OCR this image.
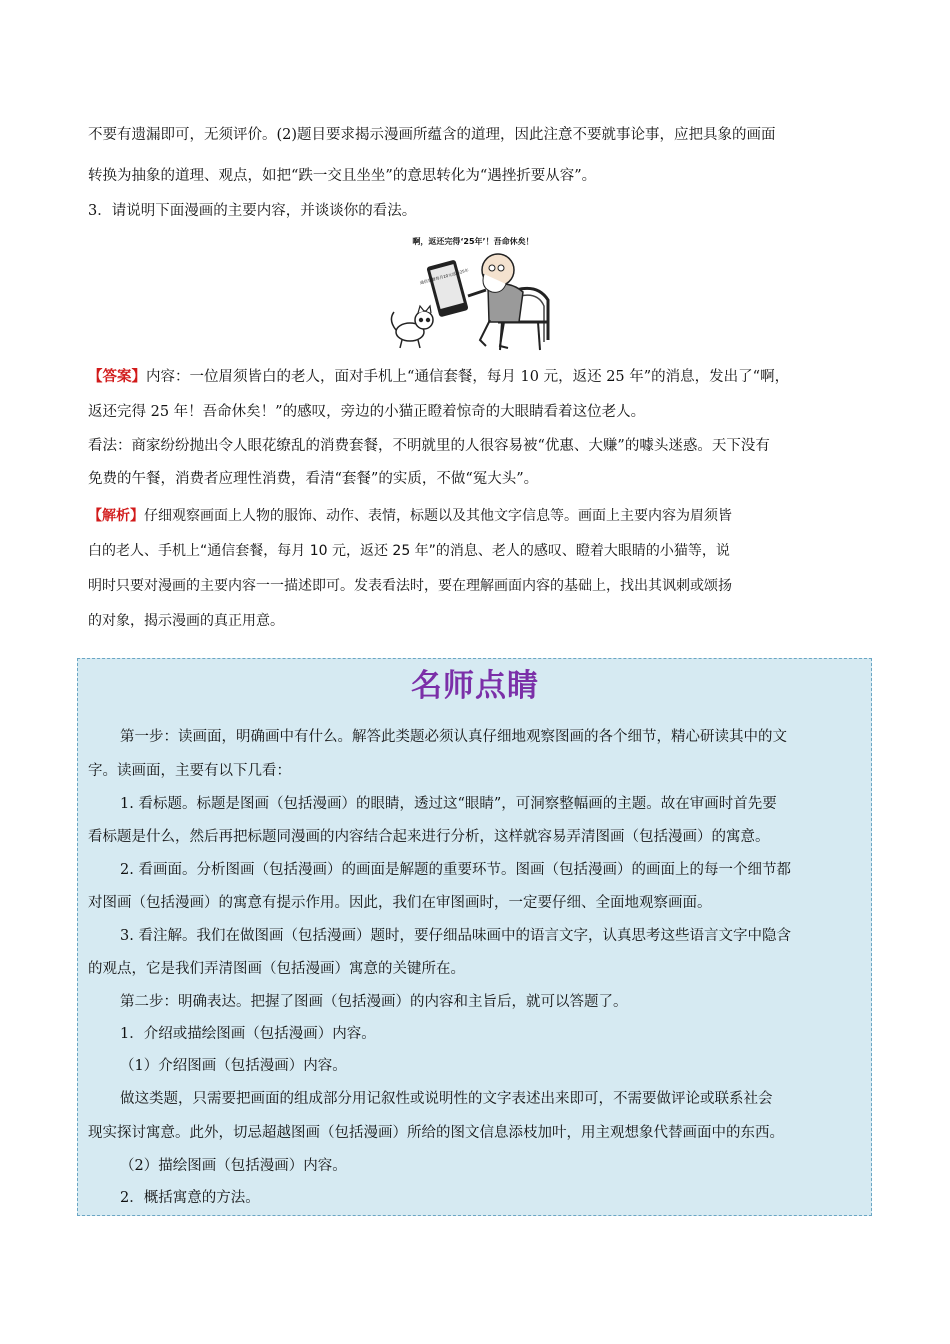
不要有遗漏即可，无须评价。(2)题目要求揭示漫画所蕴含的道理，因此注意不要就事论事，应把具象的画面
转换为抽象的道理、观点，如把“跌一交且坐坐”的意思转化为“遇挫折要从容”。
3．请说明下面漫画的主要内容，并谈谈你的看法。
啊，返还完得‘25年’！吾命休矣！
通信套餐每月10元返还25年
【答案】内容：一位眉须皆白的老人，面对手机上“通信套餐，每月 10 元，返还 25 年”的消息，发出了“啊，
返还完得 25 年！吾命休矣！”的感叹，旁边的小猫正瞪着惊奇的大眼睛看着这位老人。
看法：商家纷纷抛出令人眼花缭乱的消费套餐，不明就里的人很容易被“优惠、大赚”的噱头迷惑。天下没有
免费的午餐，消费者应理性消费，看清“套餐”的实质，不做“冤大头”。
【解析】仔细观察画面上人物的服饰、动作、表情，标题以及其他文字信息等。画面上主要内容为眉须皆
白的老人、手机上“通信套餐，每月 10 元，返还 25 年”的消息、老人的感叹、瞪着大眼睛的小猫等，说
明时只要对漫画的主要内容一一描述即可。发表看法时，要在理解画面内容的基础上，找出其讽刺或颂扬
的对象，揭示漫画的真正用意。
名师点睛
第一步：读画面，明确画中有什么。解答此类题必须认真仔细地观察图画的各个细节，精心研读其中的文
字。读画面，主要有以下几看：
1. 看标题。标题是图画（包括漫画）的眼睛，透过这“眼睛”，可洞察整幅画的主题。故在审画时首先要
看标题是什么，然后再把标题同漫画的内容结合起来进行分析，这样就容易弄清图画（包括漫画）的寓意。
2. 看画面。分析图画（包括漫画）的画面是解题的重要环节。图画（包括漫画）的画面上的每一个细节都
对图画（包括漫画）的寓意有提示作用。因此，我们在审图画时，一定要仔细、全面地观察画面。
3. 看注解。我们在做图画（包括漫画）题时，要仔细品味画中的语言文字，认真思考这些语言文字中隐含
的观点，它是我们弄清图画（包括漫画）寓意的关键所在。
第二步：明确表达。把握了图画（包括漫画）的内容和主旨后，就可以答题了。
1．介绍或描绘图画（包括漫画）内容。
（1）介绍图画（包括漫画）内容。
做这类题，只需要把画面的组成部分用记叙性或说明性的文字表述出来即可，不需要做评论或联系社会
现实探讨寓意。此外，切忌超越图画（包括漫画）所给的图文信息添枝加叶，用主观想象代替画面中的东西。
（2）描绘图画（包括漫画）内容。
2．概括寓意的方法。
